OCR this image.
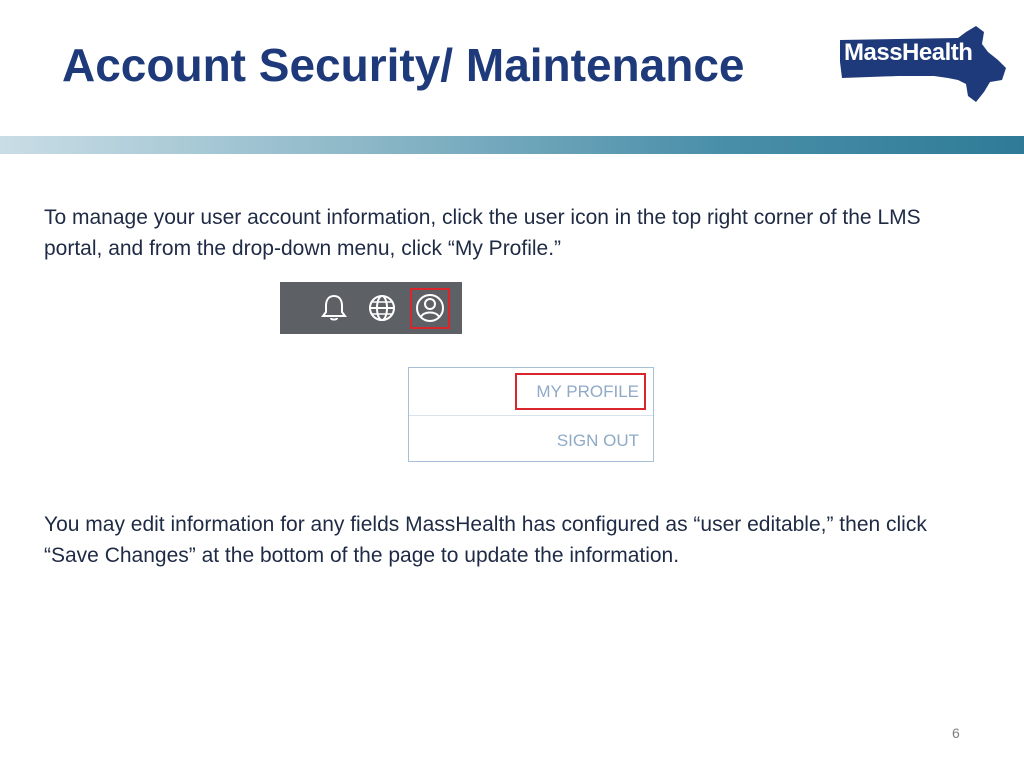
Account Security/ Maintenance	MassHealth

To manage your user account information, click the user icon in the top right corner of the LMS portal, and from the drop-down menu, click “My Profile.”

MY PROFILE
SIGN OUT

You may edit information for any fields MassHealth has configured as “user editable,” then click “Save Changes” at the bottom of the page to update the information.

6
